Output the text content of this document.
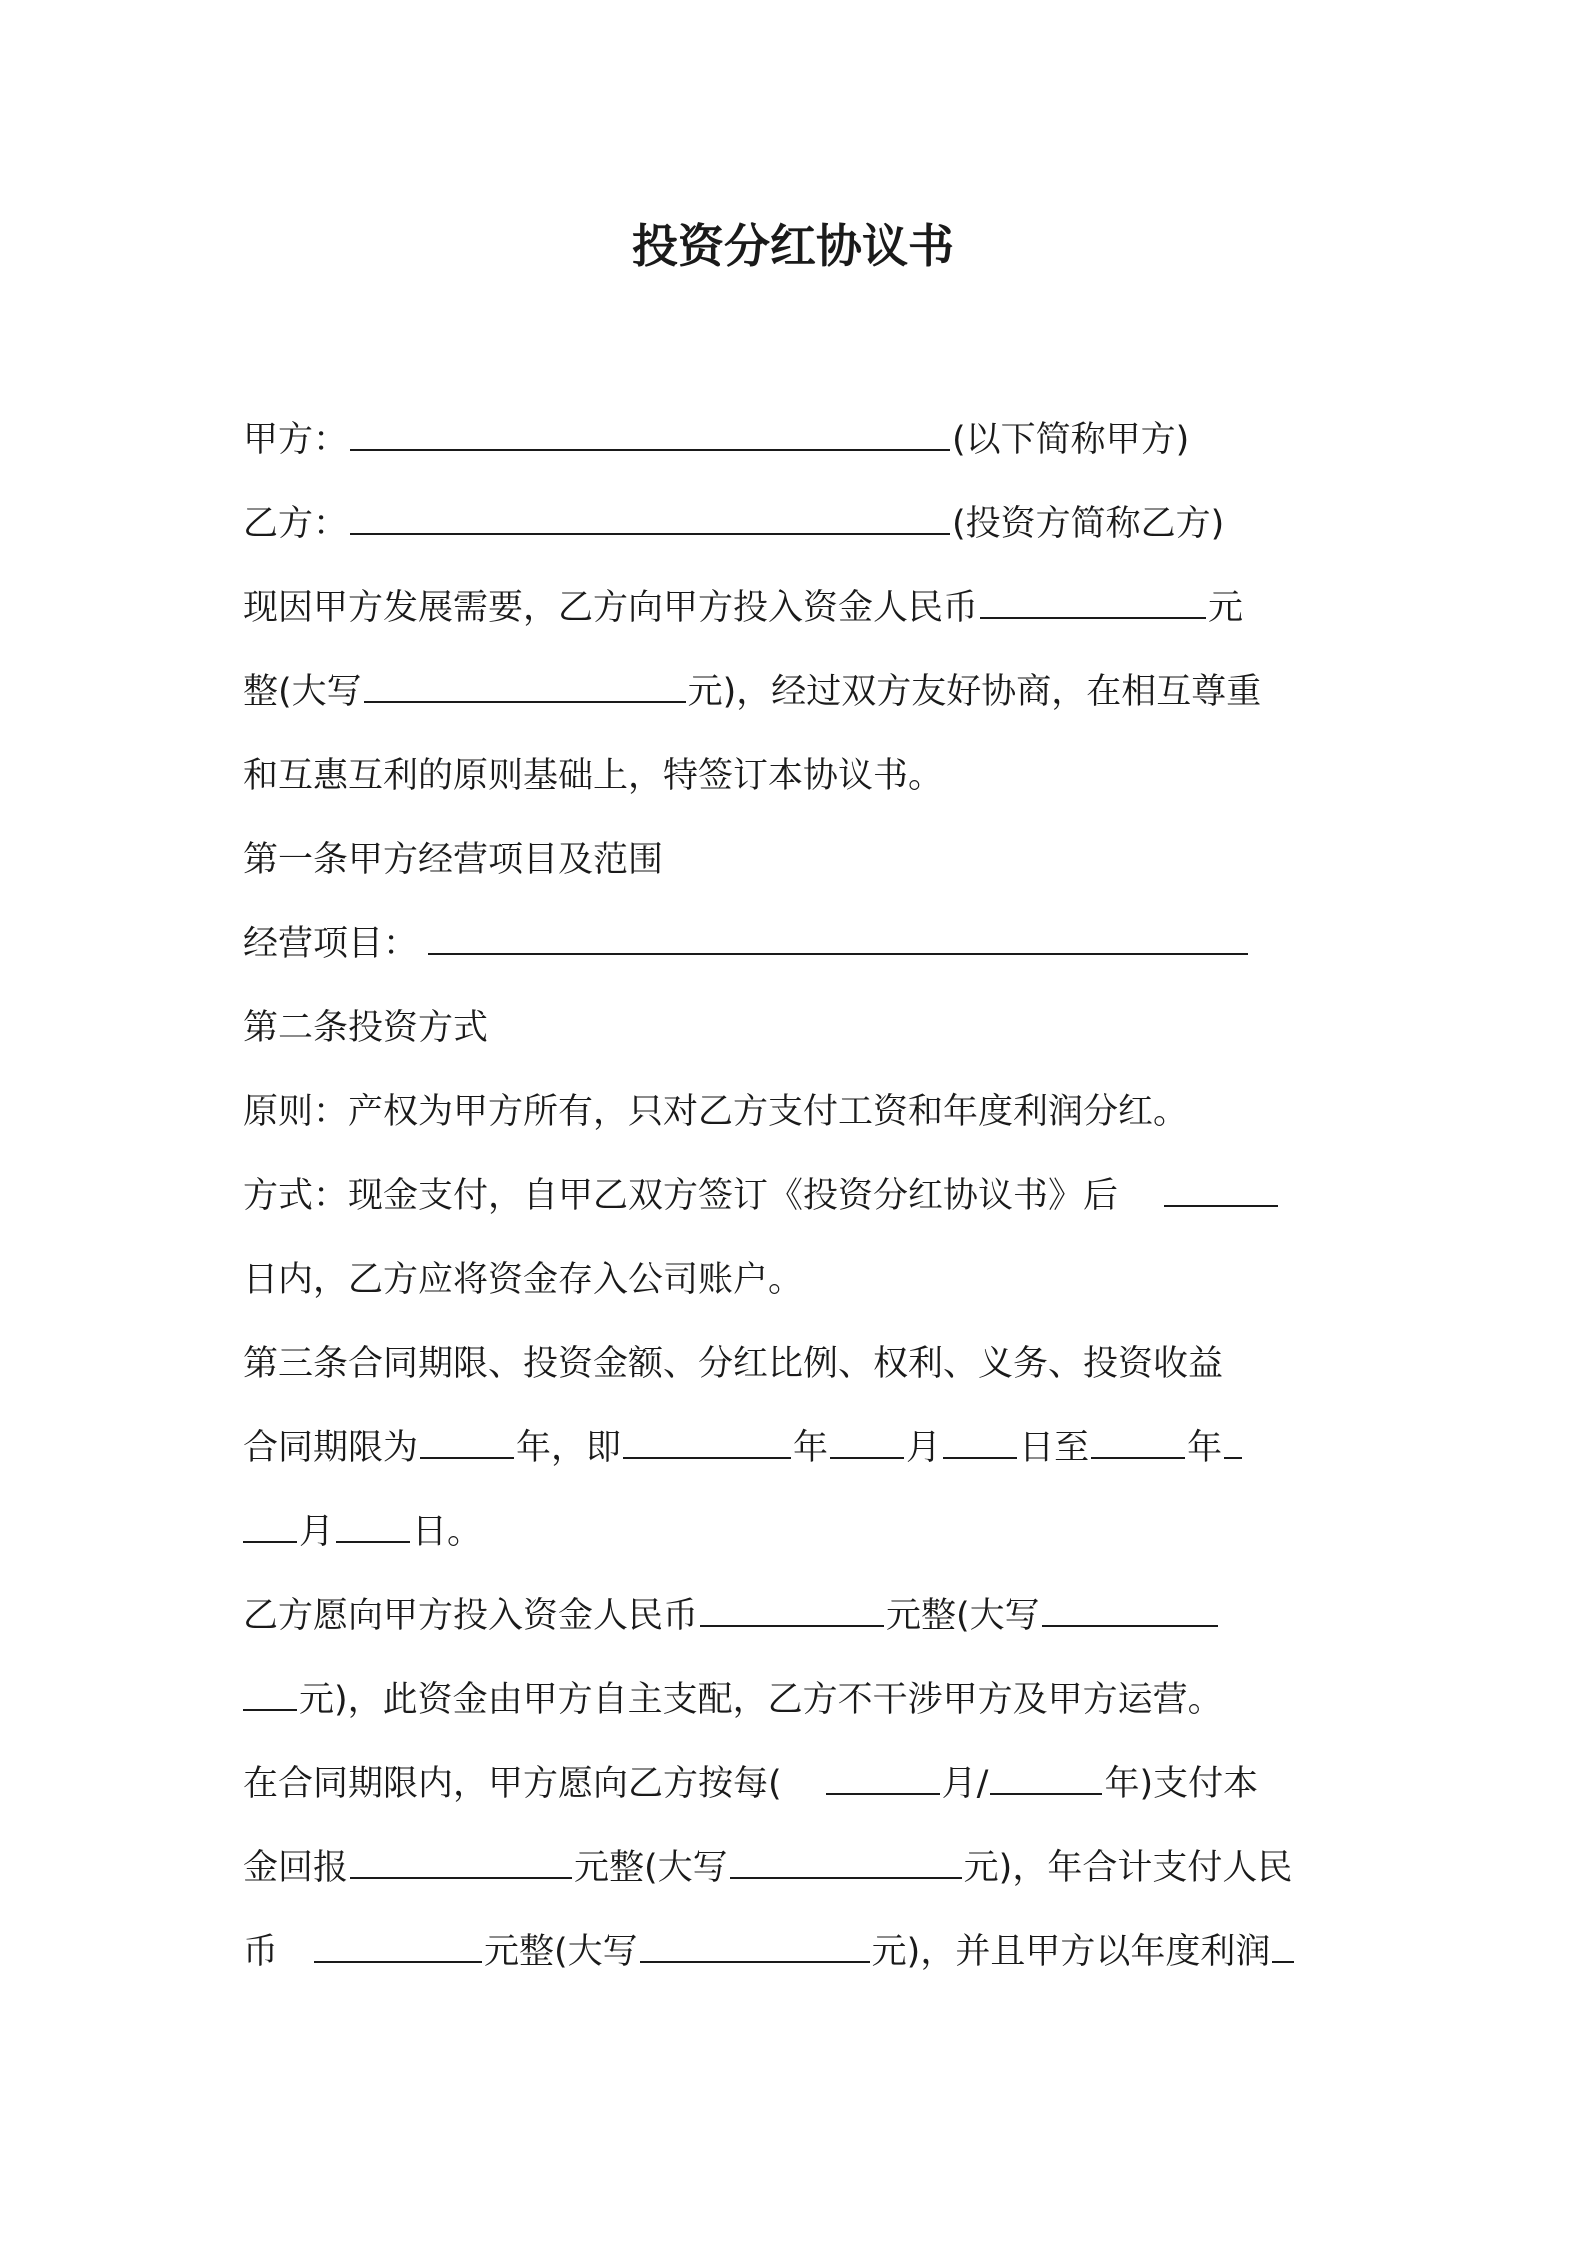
投资分红协议书
甲方：	(以下简称甲方)
乙方：	(投资方简称乙方)
现因甲方发展需要，乙方向甲方投入资金人民币	元
整(大写	元)，经过双方友好协商，在相互尊重
和互惠互利的原则基础上，特签订本协议书。
第一条甲方经营项目及范围
经营项目：
第二条投资方式
原则：产权为甲方所有，只对乙方支付工资和年度利润分红。
方式：现金支付，自甲乙双方签订《投资分红协议书》后
日内，乙方应将资金存入公司账户。
第三条合同期限、投资金额、分红比例、权利、义务、投资收益
合同期限为	年，即	年 月 日至	年
月 日。
乙方愿向甲方投入资金人民币	元整(大写
元)，此资金由甲方自主支配，乙方不干涉甲方及甲方运营。
在合同期限内，甲方愿向乙方按每(	月/	年)支付本
金回报	元整(大写	元)，年合计支付人民
币	元整(大写	元)，并且甲方以年度利润
